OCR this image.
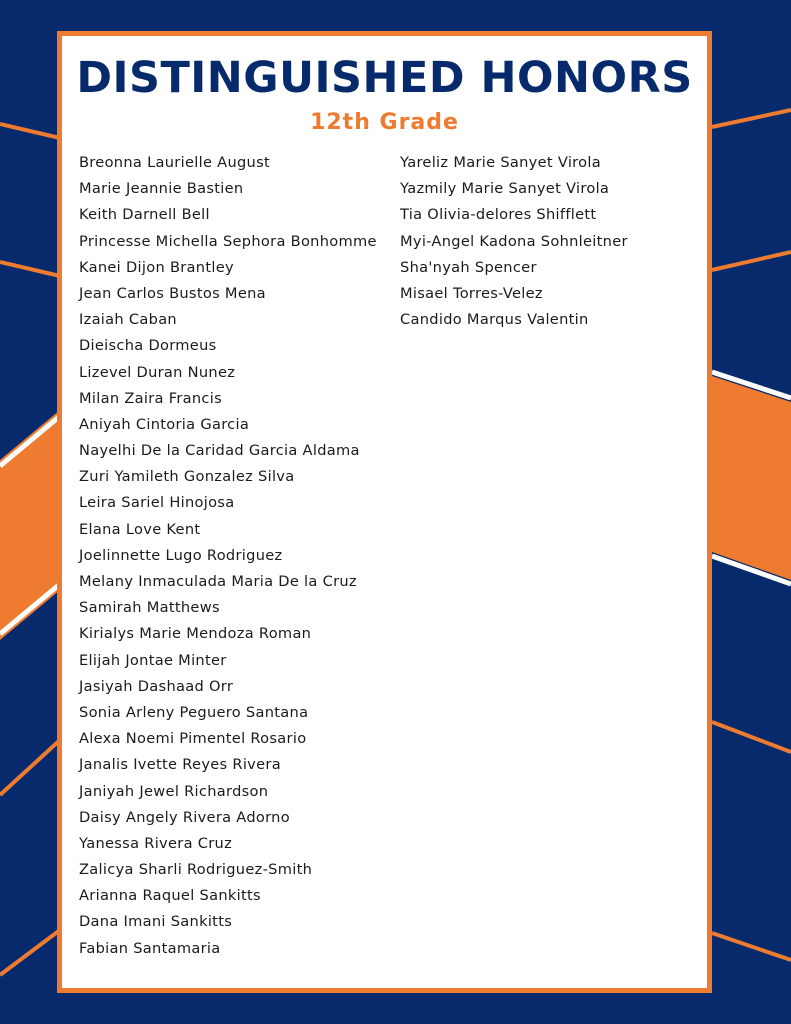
DISTINGUISHED HONORS
12th Grade
Breonna Laurielle August
Marie Jeannie Bastien
Keith Darnell Bell
Princesse Michella Sephora Bonhomme
Kanei Dijon Brantley
Jean Carlos Bustos Mena
Izaiah Caban
Dieischa Dormeus
Lizevel Duran Nunez
Milan Zaira Francis
Aniyah Cintoria Garcia
Nayelhi De la Caridad Garcia Aldama
Zuri Yamileth Gonzalez Silva
Leira Sariel Hinojosa
Elana Love Kent
Joelinnette Lugo Rodriguez
Melany Inmaculada Maria De la Cruz
Samirah Matthews
Kirialys Marie Mendoza Roman
Elijah Jontae Minter
Jasiyah Dashaad Orr
Sonia Arleny Peguero Santana
Alexa Noemi Pimentel Rosario
Janalis Ivette Reyes Rivera
Janiyah Jewel Richardson
Daisy Angely Rivera Adorno
Yanessa Rivera Cruz
Zalicya Sharli Rodriguez-Smith
Arianna Raquel Sankitts
Dana Imani Sankitts
Fabian Santamaria
Yareliz Marie Sanyet Virola
Yazmily Marie Sanyet Virola
Tia Olivia-delores Shifflett
Myi-Angel Kadona Sohnleitner
Sha'nyah Spencer
Misael Torres-Velez
Candido Marqus Valentin
